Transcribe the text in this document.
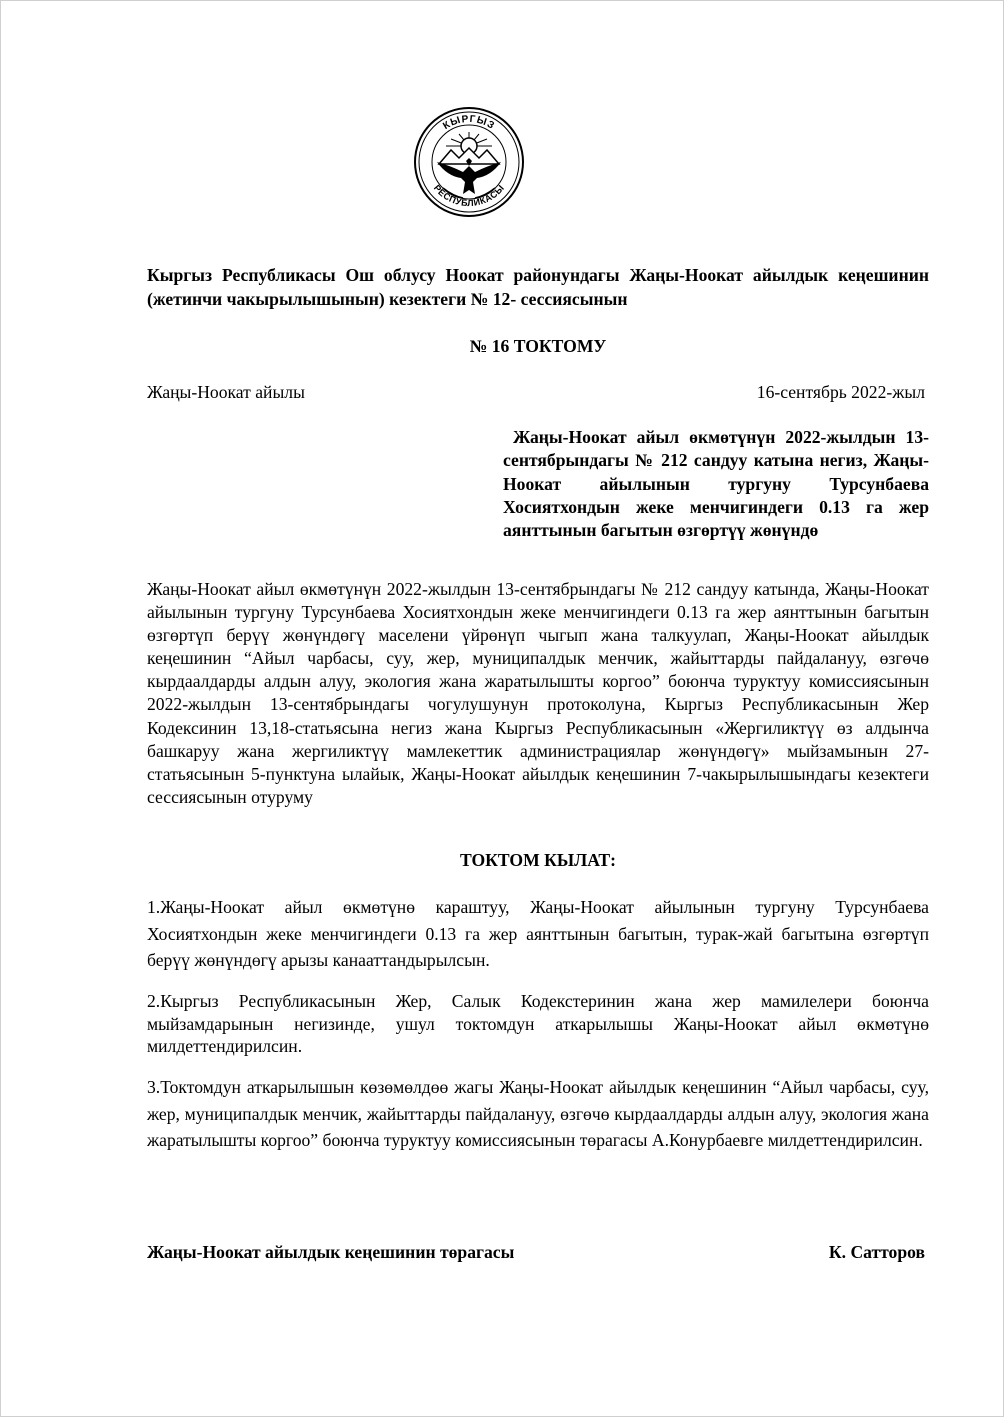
КЫРГЫЗ
РЕСПУБЛИКАСЫ
Кыргыз Республикасы Ош облусу Ноокат районундагы Жаңы-Ноокат айылдык кеңешинин (жетинчи чакырылышынын) кезектеги № 12- сессиясынын
№ 16 ТОКТОМУ
Жаңы-Ноокат айылы	16-сентябрь 2022-жыл
Жаңы-Ноокат айыл өкмөтүнүн 2022-жылдын 13-сентябрындагы № 212 сандуу катына негиз, Жаңы-Ноокат айылынын тургуну Турсунбаева Хосиятхондын жеке менчигиндеги 0.13 га жер аянттынын багытын өзгөртүү жөнүндө
Жаңы-Ноокат айыл өкмөтүнүн 2022-жылдын 13-сентябрындагы № 212 сандуу катында, Жаңы-Ноокат айылынын тургуну Турсунбаева Хосиятхондын жеке менчигиндеги 0.13 га жер аянттынын багытын өзгөртүп берүү жөнүндөгү маселени үйрөнүп чыгып жана талкуулап, Жаңы-Ноокат айылдык кеңешинин “Айыл чарбасы, суу, жер, муниципалдык менчик, жайыттарды пайдалануу, өзгөчө кырдаалдарды алдын алуу, экология жана жаратылышты коргоо” боюнча туруктуу комиссиясынын 2022-жылдын 13-сентябрындагы чогулушунун протоколуна, Кыргыз Республикасынын Жер Кодексинин 13,18-статьясына негиз жана Кыргыз Республикасынын «Жергиликтүү өз алдынча башкаруу жана жергиликтүү мамлекеттик администрациялар жөнүндөгү» мыйзамынын 27-статьясынын 5-пунктуна ылайык, Жаңы-Ноокат айылдык кеңешинин 7-чакырылышындагы кезектеги сессиясынын отуруму
ТОКТОМ КЫЛАТ:
1.Жаңы-Ноокат айыл өкмөтүнө караштуу, Жаңы-Ноокат айылынын тургуну Турсунбаева Хосиятхондын жеке менчигиндеги 0.13 га жер аянттынын багытын, турак-жай багытына өзгөртүп берүү жөнүндөгү арызы канааттандырылсын.
2.Кыргыз Республикасынын Жер, Салык Кодекстеринин жана жер мамилелери боюнча мыйзамдарынын негизинде, ушул токтомдун аткарылышы Жаңы-Ноокат айыл өкмөтүнө милдеттендирилсин.
3.Токтомдун аткарылышын көзөмөлдөө жагы Жаңы-Ноокат айылдык кеңешинин “Айыл чарбасы, суу, жер, муниципалдык менчик, жайыттарды пайдалануу, өзгөчө кырдаалдарды алдын алуу, экология жана жаратылышты коргоо” боюнча туруктуу комиссиясынын төрагасы А.Конурбаевге милдеттендирилсин.
Жаңы-Ноокат айылдык кеңешинин төрагасы	К. Сатторов
